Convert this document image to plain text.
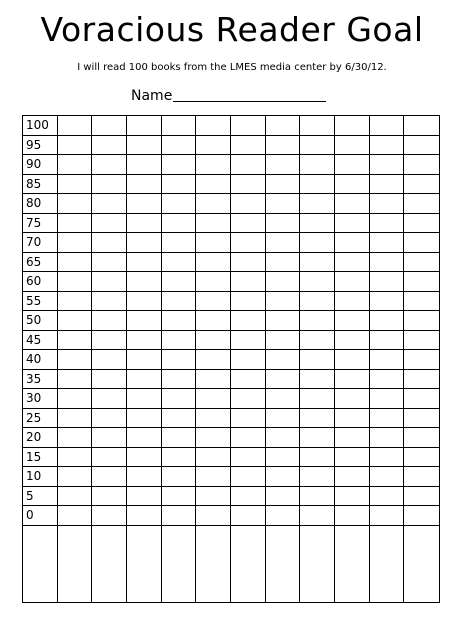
Voracious Reader Goal
I will read 100 books from the LMES media center by 6/30/12.
Name
100
95
90
85
80
75
70
65
60
55
50
45
40
35
30
25
20
15
10
5
0
